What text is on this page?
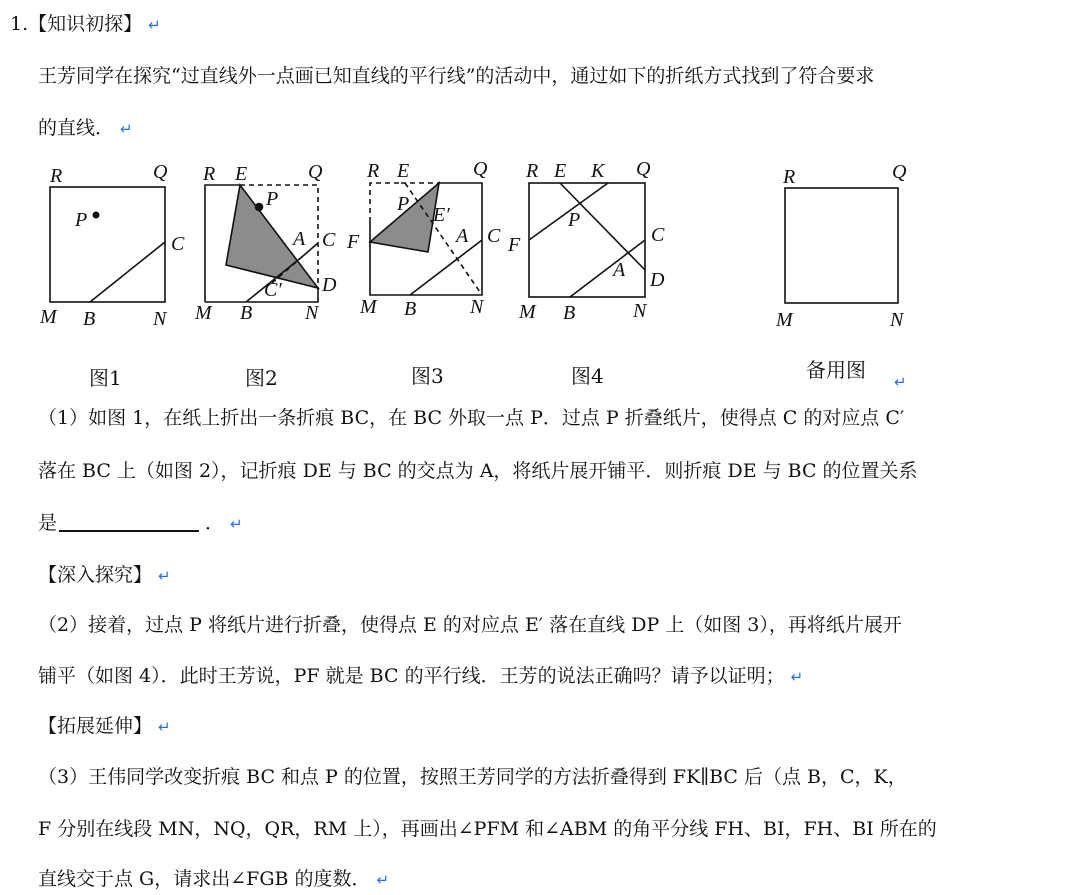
1.【知识初探】 ↵
王芳同学在探究“过直线外一点画已知直线的平行线”的活动中，通过如下的折纸方式找到了符合要求
的直线． ↵
R	Q
P
C
M B	N
R E	Q
P
A C
C′ D
M B	N
R E	Q
P E′
F	A C
M B	N
R E K Q
P
F	C
A D
M B	N
R	Q
M	N
图1	图2	图3	图4	备用图 $_↵$
（1）如图 1，在纸上折出一条折痕 BC，在 BC 外取一点 P．过点 P 折叠纸片，使得点 C 的对应点 C′
落在 BC 上（如图 2），记折痕 DE 与 BC 的交点为 A，将纸片展开铺平．则折痕 DE 与 BC 的位置关系
是	． ↵
【深入探究】 ↵
（2）接着，过点 P 将纸片进行折叠，使得点 E 的对应点 E′ 落在直线 DP 上（如图 3），再将纸片展开
铺平（如图 4）．此时王芳说，PF 就是 BC 的平行线．王芳的说法正确吗？请予以证明； ↵
【拓展延伸】 ↵
（3）王伟同学改变折痕 BC 和点 P 的位置，按照王芳同学的方法折叠得到 FK∥BC 后（点 B，C，K，
F 分别在线段 MN，NQ，QR，RM 上），再画出∠PFM 和∠ABM 的角平分线 FH、BI，FH、BI 所在的
直线交于点 G，请求出∠FGB 的度数． ↵
